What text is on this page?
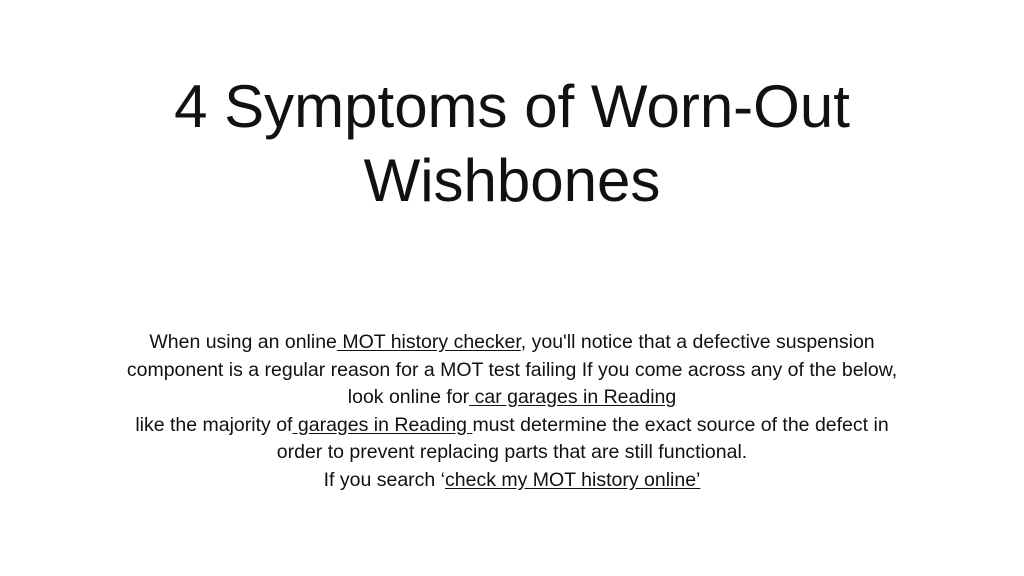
4 Symptoms of Worn-Out
Wishbones

When using an online MOT history checker, you'll notice that a defective suspension
component is a regular reason for a MOT test failing If you come across any of the below,
look online for car garages in Reading
like the majority of garages in Reading must determine the exact source of the defect in
order to prevent replacing parts that are still functional.
If you search ‘check my MOT history online’
